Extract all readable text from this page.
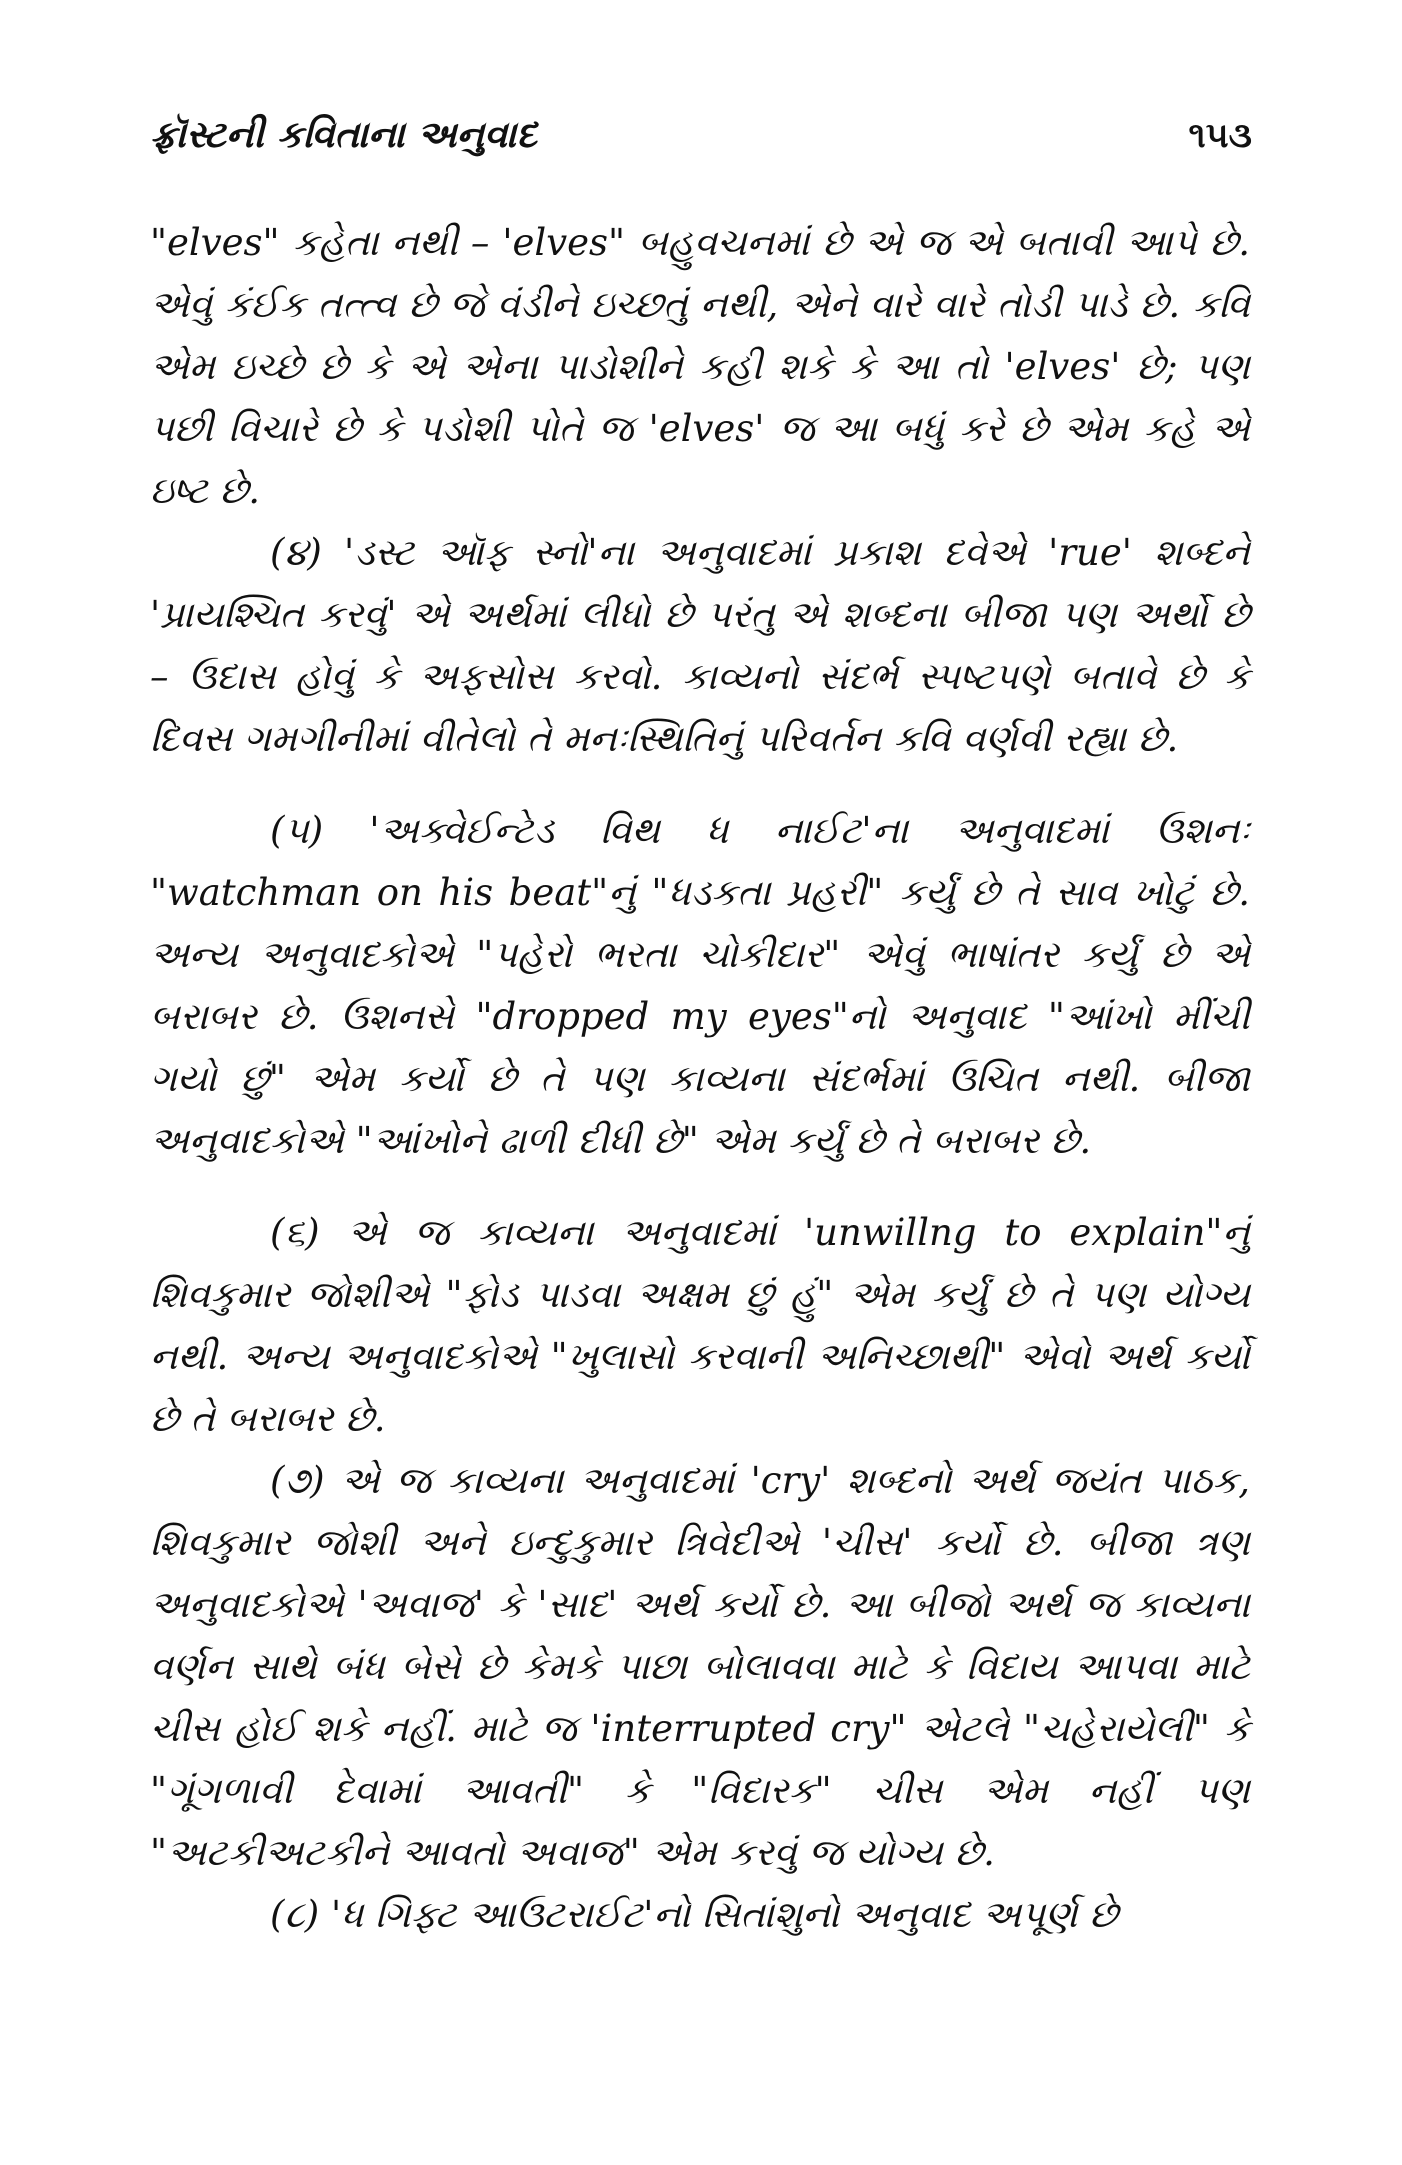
ફ્રૉસ્ટની કવિતાના અનુવાદ	૧૫૩

"elves" કહેતા નથી – 'elves" બહુવચનમાં છે એ જ એ બતાવી આપે છે. એવું કંઈક તત્ત્વ છે જે વંડીને ઇચ્છતું નથી, એને વારે વારે તોડી પાડે છે. કવિ એમ ઇચ્છે છે કે એ એના પાડોશીને કહી શકે કે આ તો 'elves' છે; પણ પછી વિચારે છે કે પડોશી પોતે જ 'elves' જ આ બધું કરે છે એમ કહે એ ઇષ્ટ છે.

(૪) 'ડસ્ટ ઑફ સ્નો'ના અનુવાદમાં પ્રકાશ દવેએ 'rue' શબ્દને 'પ્રાયશ્ચિત કરવું' એ અર્થમાં લીધો છે પરંતુ એ શબ્દના બીજા પણ અર્થો છે – ઉદાસ હોવું કે અફસોસ કરવો. કાવ્યનો સંદર્ભ સ્પષ્ટપણે બતાવે છે કે દિવસ ગમગીનીમાં વીતેલો તે મનઃસ્થિતિનું પરિવર્તન કવિ વર્ણવી રહ્યા છે.

(૫) 'અક્વેઈન્ટેડ વિથ ધ નાઈટ'ના અનુવાદમાં ઉશનઃ "watchman on his beat"નું "ધડકતા પ્રહરી" કર્યું છે તે સાવ ખોટું છે. અન્ય અનુવાદકોએ "પહેરો ભરતા ચોકીદાર" એવું ભાષાંતર કર્યું છે એ બરાબર છે. ઉશનસે "dropped my eyes"નો અનુવાદ "આંખો મીંચી ગયો છું" એમ કર્યો છે તે પણ કાવ્યના સંદર્ભમાં ઉચિત નથી. બીજા અનુવાદકોએ "આંખોને ઢાળી દીધી છે" એમ કર્યું છે તે બરાબર છે.

(૬) એ જ કાવ્યના અનુવાદમાં 'unwillng to explain"નું શિવકુમાર જોશીએ "ફોડ પાડવા અક્ષમ છું હું" એમ કર્યું છે તે પણ યોગ્ય નથી. અન્ય અનુવાદકોએ "ખુલાસો કરવાની અનિચ્છાથી" એવો અર્થ કર્યો છે તે બરાબર છે.

(૭) એ જ કાવ્યના અનુવાદમાં 'cry' શબ્દનો અર્થ જયંત પાઠક, શિવકુમાર જોશી અને ઇન્દુકુમાર ત્રિવેદીએ 'ચીસ' કર્યો છે. બીજા ત્રણ અનુવાદકોએ 'અવાજ' કે 'સાદ' અર્થ કર્યો છે. આ બીજો અર્થ જ કાવ્યના વર્ણન સાથે બંધ બેસે છે કેમકે પાછા બોલાવવા માટે કે વિદાય આપવા માટે ચીસ હોઈ શકે નહીં. માટે જ 'interrupted cry" એટલે "ચહેરાયેલી" કે "ગૂંગળાવી દેવામાં આવતી" કે "વિદારક" ચીસ એમ નહીં પણ "અટકીઅટકીને આવતો અવાજ" એમ કરવું જ યોગ્ય છે.

(૮) 'ધ ગિફ્ટ આઉટરાઈટ'નો સિતાંશુનો અનુવાદ અપૂર્ણ છે
